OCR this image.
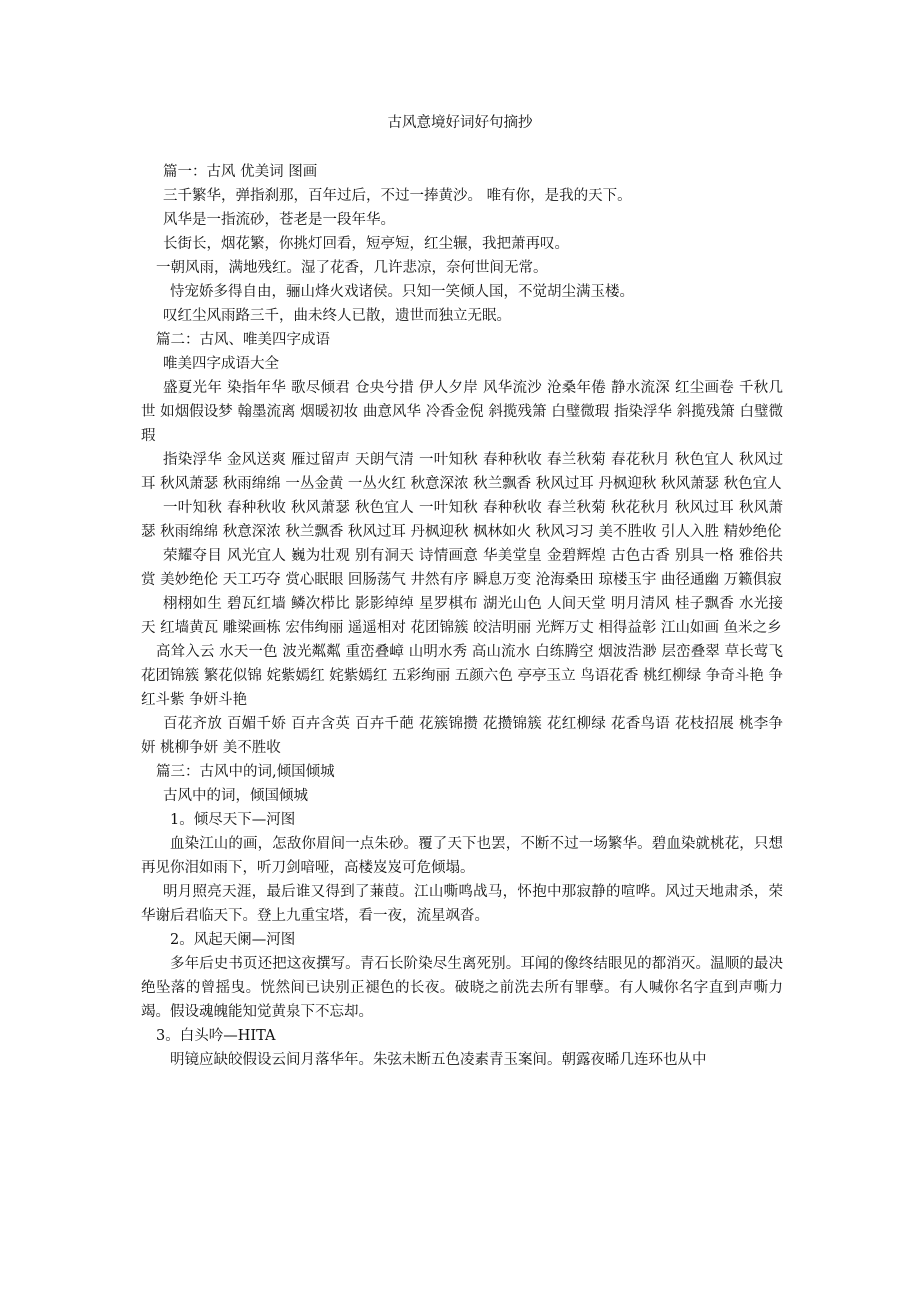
古风意境好词好句摘抄

篇一：古风 优美词 图画

三千繁华，弹指刹那，百年过后，不过一捧黄沙。 唯有你，是我的天下。

风华是一指流砂，苍老是一段年华。

长街长，烟花繁，你挑灯回看，短亭短，红尘辗，我把萧再叹。

一朝风雨，满地残红。湿了花香，几许悲凉，奈何世间无常。

恃宠娇多得自由，骊山烽火戏诸侯。只知一笑倾人国，不觉胡尘满玉楼。

叹红尘风雨路三千，曲未终人已散，遗世而独立无眠。

篇二：古风、唯美四字成语

唯美四字成语大全

盛夏光年 染指年华 歌尽倾君 仓央兮措 伊人夕岸 风华流沙 沧桑年倦 静水流深 红尘画卷 千秋几世 如烟假设梦 翰墨流离 烟暖初妆 曲意风华 冷香金倪 斜揽残箫 白璧微瑕 指染浮华 斜揽残箫 白璧微瑕

指染浮华 金风送爽 雁过留声 天朗气清 一叶知秋 春种秋收 春兰秋菊 春花秋月 秋色宜人 秋风过耳 秋风萧瑟 秋雨绵绵 一丛金黄 一丛火红 秋意深浓 秋兰飘香 秋风过耳 丹枫迎秋 秋风萧瑟 秋色宜人

一叶知秋 春种秋收 秋风萧瑟 秋色宜人 一叶知秋 春种秋收 春兰秋菊 秋花秋月 秋风过耳 秋风萧瑟 秋雨绵绵 秋意深浓 秋兰飘香 秋风过耳 丹枫迎秋 枫林如火 秋风习习 美不胜收 引人入胜 精妙绝伦

荣耀夺目 风光宜人 巍为壮观 别有洞天 诗情画意 华美堂皇 金碧辉煌 古色古香 别具一格 雅俗共赏 美妙绝伦 天工巧夺 赏心眠眼 回肠荡气 井然有序 瞬息万变 沧海桑田 琼楼玉宇 曲径通幽 万籁俱寂

栩栩如生 碧瓦红墙 鳞次栉比 影影绰绰 星罗棋布 湖光山色 人间天堂 明月清风 桂子飘香 水光接天 红墙黄瓦 雕梁画栋 宏伟绚丽 遥遥相对 花团锦簇 皎洁明丽 光辉万丈 相得益彰 江山如画 鱼米之乡

高耸入云 水天一色 波光粼粼 重峦叠嶂 山明水秀 高山流水 白练腾空 烟波浩渺 层峦叠翠 草长莺飞 花团锦簇 繁花似锦 姹紫嫣红 姹紫嫣红 五彩绚丽 五颜六色 亭亭玉立 鸟语花香 桃红柳绿 争奇斗艳 争红斗紫 争妍斗艳

百花齐放 百媚千娇 百卉含英 百卉千葩 花簇锦攒 花攒锦簇 花红柳绿 花香鸟语 花枝招展 桃李争妍 桃柳争妍 美不胜收

篇三：古风中的词,倾国倾城

古风中的词，倾国倾城

1。倾尽天下—河图

血染江山的画，怎敌你眉间一点朱砂。覆了天下也罢，不断不过一场繁华。碧血染就桃花，只想再见你泪如雨下，听刀剑喑哑，高楼岌岌可危倾塌。

明月照亮天涯，最后谁又得到了蒹葭。江山嘶鸣战马，怀抱中那寂静的喧哗。风过天地肃杀，荣华谢后君临天下。登上九重宝塔，看一夜，流星飒沓。

2。风起天阑—河图

多年后史书页还把这夜撰写。青石长阶染尽生离死别。耳闻的像终结眼见的都消灭。温顺的最决绝坠落的曾摇曳。恍然间已诀别正褪色的长夜。破晓之前洗去所有罪孽。有人喊你名字直到声嘶力竭。假设魂魄能知觉黄泉下不忘却。

3。白头吟—HITA

明镜应缺皎假设云间月落华年。朱弦未断五色凌素青玉案间。朝露夜晞几连环也从中
